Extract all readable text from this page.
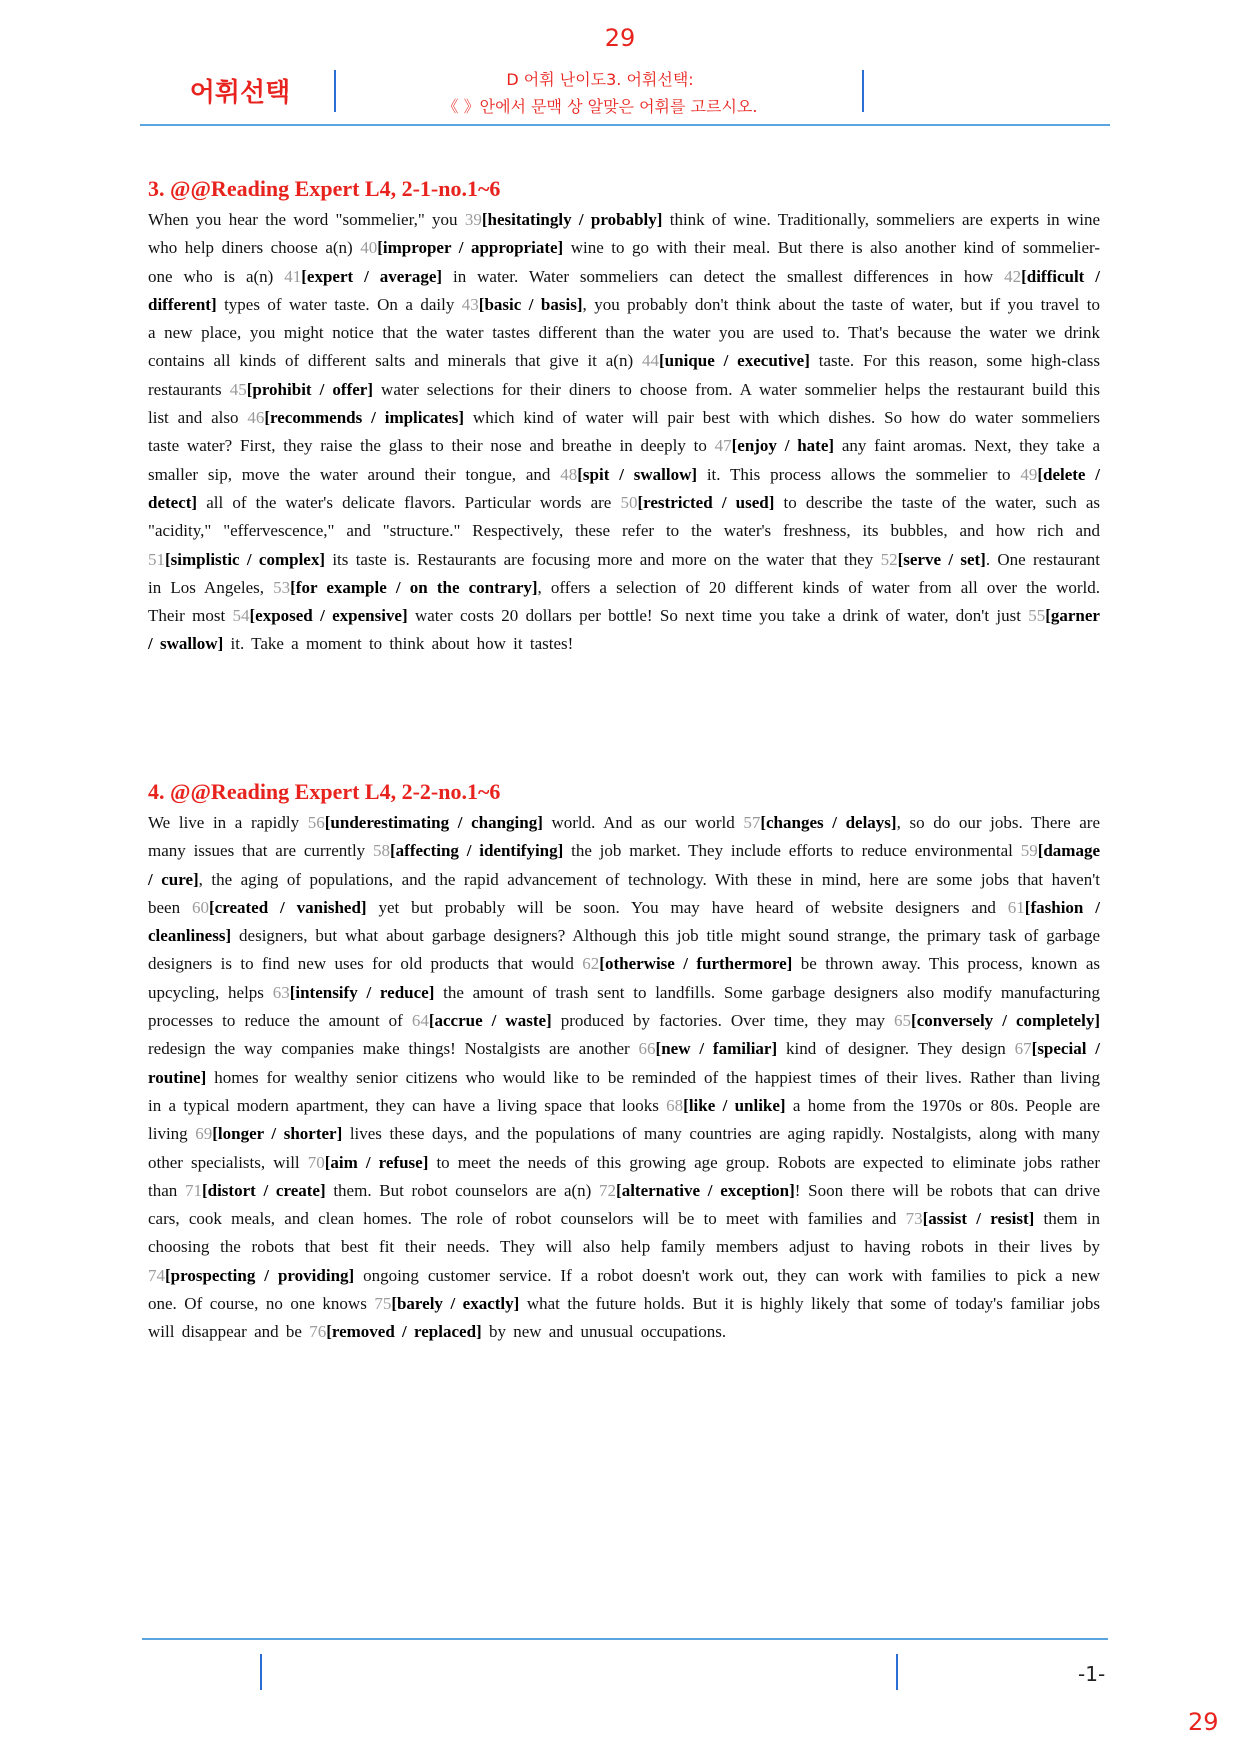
29
어휘선택	D 어휘 난이도3. 어휘선택:
《 》안에서 문맥 상 알맞은 어휘를 고르시오.
3. @@Reading Expert L4, 2-1-no.1~6

When you hear the word "sommelier," you 39[hesitatingly / probably] think of wine. Traditionally, sommeliers are experts in wine who help diners choose a(n) 40[improper / appropriate] wine to go with their meal. But there is also another kind of sommelier-one who is a(n) 41[expert / average] in water. Water sommeliers can detect the smallest differences in how 42[difficult / different] types of water taste. On a daily 43[basic / basis], you probably don't think about the taste of water, but if you travel to a new place, you might notice that the water tastes different than the water you are used to. That's because the water we drink contains all kinds of different salts and minerals that give it a(n) 44[unique / executive] taste. For this reason, some high-class restaurants 45[prohibit / offer] water selections for their diners to choose from. A water sommelier helps the restaurant build this list and also 46[recommends / implicates] which kind of water will pair best with which dishes. So how do water sommeliers taste water? First, they raise the glass to their nose and breathe in deeply to 47[enjoy / hate] any faint aromas. Next, they take a smaller sip, move the water around their tongue, and 48[spit / swallow] it. This process allows the sommelier to 49[delete / detect] all of the water's delicate flavors. Particular words are 50[restricted / used] to describe the taste of the water, such as "acidity," "effervescence," and "structure." Respectively, these refer to the water's freshness, its bubbles, and how rich and 51[simplistic / complex] its taste is. Restaurants are focusing more and more on the water that they 52[serve / set]. One restaurant in Los Angeles, 53[for example / on the contrary], offers a selection of 20 different kinds of water from all over the world. Their most 54[exposed / expensive] water costs 20 dollars per bottle! So next time you take a drink of water, don't just 55[garner / swallow] it. Take a moment to think about how it tastes!

4. @@Reading Expert L4, 2-2-no.1~6

We live in a rapidly 56[underestimating / changing] world. And as our world 57[changes / delays], so do our jobs. There are many issues that are currently 58[affecting / identifying] the job market. They include efforts to reduce environmental 59[damage / cure], the aging of populations, and the rapid advancement of technology. With these in mind, here are some jobs that haven't been 60[created / vanished] yet but probably will be soon. You may have heard of website designers and 61[fashion / cleanliness] designers, but what about garbage designers? Although this job title might sound strange, the primary task of garbage designers is to find new uses for old products that would 62[otherwise / furthermore] be thrown away. This process, known as upcycling, helps 63[intensify / reduce] the amount of trash sent to landfills. Some garbage designers also modify manufacturing processes to reduce the amount of 64[accrue / waste] produced by factories. Over time, they may 65[conversely / completely] redesign the way companies make things! Nostalgists are another 66[new / familiar] kind of designer. They design 67[special / routine] homes for wealthy senior citizens who would like to be reminded of the happiest times of their lives. Rather than living in a typical modern apartment, they can have a living space that looks 68[like / unlike] a home from the 1970s or 80s. People are living 69[longer / shorter] lives these days, and the populations of many countries are aging rapidly. Nostalgists, along with many other specialists, will 70[aim / refuse] to meet the needs of this growing age group. Robots are expected to eliminate jobs rather than 71[distort / create] them. But robot counselors are a(n) 72[alternative / exception]! Soon there will be robots that can drive cars, cook meals, and clean homes. The role of robot counselors will be to meet with families and 73[assist / resist] them in choosing the robots that best fit their needs. They will also help family members adjust to having robots in their lives by 74[prospecting / providing] ongoing customer service. If a robot doesn't work out, they can work with families to pick a new one. Of course, no one knows 75[barely / exactly] what the future holds. But it is highly likely that some of today's familiar jobs will disappear and be 76[removed / replaced] by new and unusual occupations.

-1-
29
